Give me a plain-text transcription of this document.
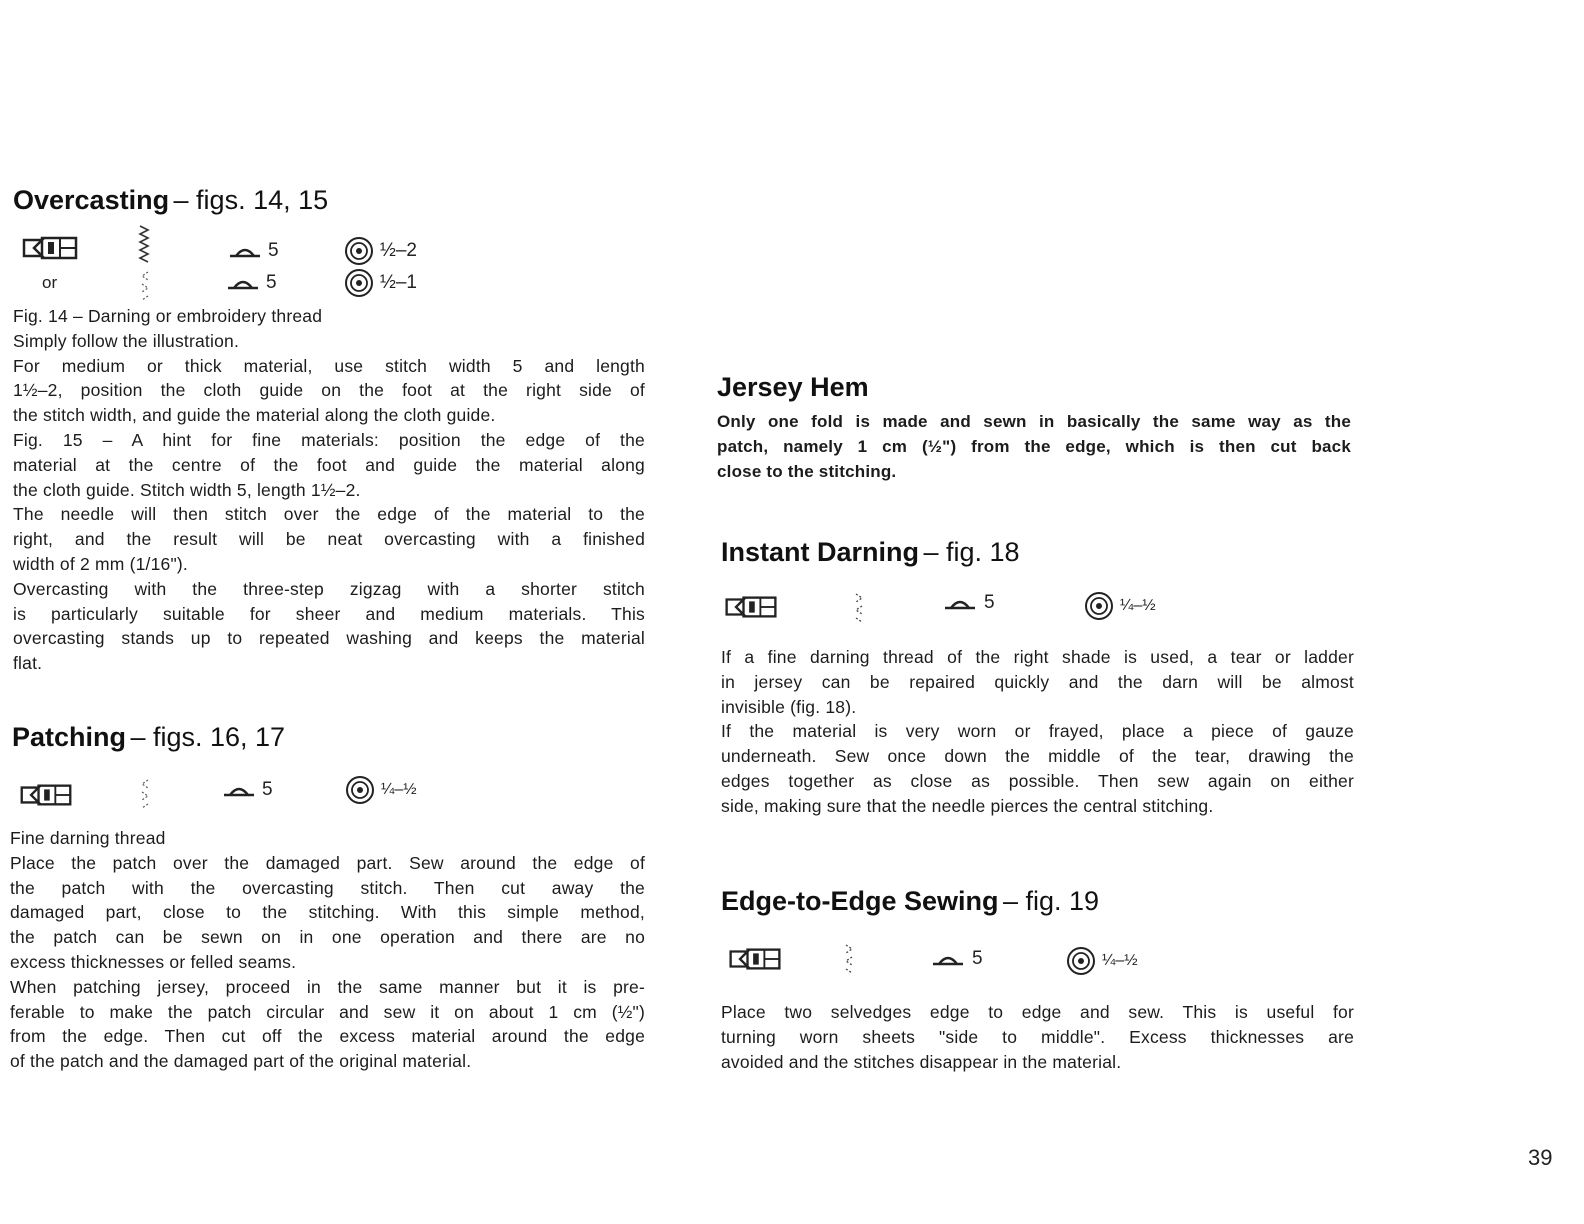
Overcasting – figs. 14, 15
5	½–2
or	5	½–1
Fig. 14 – Darning or embroidery thread
Simply follow the illustration.
For medium or thick material, use stitch width 5 and length
1½–2, position the cloth guide on the foot at the right side of
the stitch width, and guide the material along the cloth guide.
Fig. 15 – A hint for fine materials: position the edge of the
material at the centre of the foot and guide the material along
the cloth guide. Stitch width 5, length 1½–2.
The needle will then stitch over the edge of the material to the
right, and the result will be neat overcasting with a finished
width of 2 mm (1/16").
Overcasting with the three-step zigzag with a shorter stitch
is particularly suitable for sheer and medium materials. This
overcasting stands up to repeated washing and keeps the material
flat.
Patching – figs. 16, 17
5	¼–½
Fine darning thread
Place the patch over the damaged part. Sew around the edge of
the patch with the overcasting stitch. Then cut away the
damaged part, close to the stitching. With this simple method,
the patch can be sewn on in one operation and there are no
excess thicknesses or felled seams.
When patching jersey, proceed in the same manner but it is pre-
ferable to make the patch circular and sew it on about 1 cm (½")
from the edge. Then cut off the excess material around the edge
of the patch and the damaged part of the original material.
Jersey Hem
Only one fold is made and sewn in basically the same way as the
patch, namely 1 cm (½") from the edge, which is then cut back
close to the stitching.
Instant Darning – fig. 18
5	¼–½
If a fine darning thread of the right shade is used, a tear or ladder
in jersey can be repaired quickly and the darn will be almost
invisible (fig. 18).
If the material is very worn or frayed, place a piece of gauze
underneath. Sew once down the middle of the tear, drawing the
edges together as close as possible. Then sew again on either
side, making sure that the needle pierces the central stitching.
Edge-to-Edge Sewing – fig. 19
5	¼–½
Place two selvedges edge to edge and sew. This is useful for
turning worn sheets "side to middle". Excess thicknesses are
avoided and the stitches disappear in the material.
39
